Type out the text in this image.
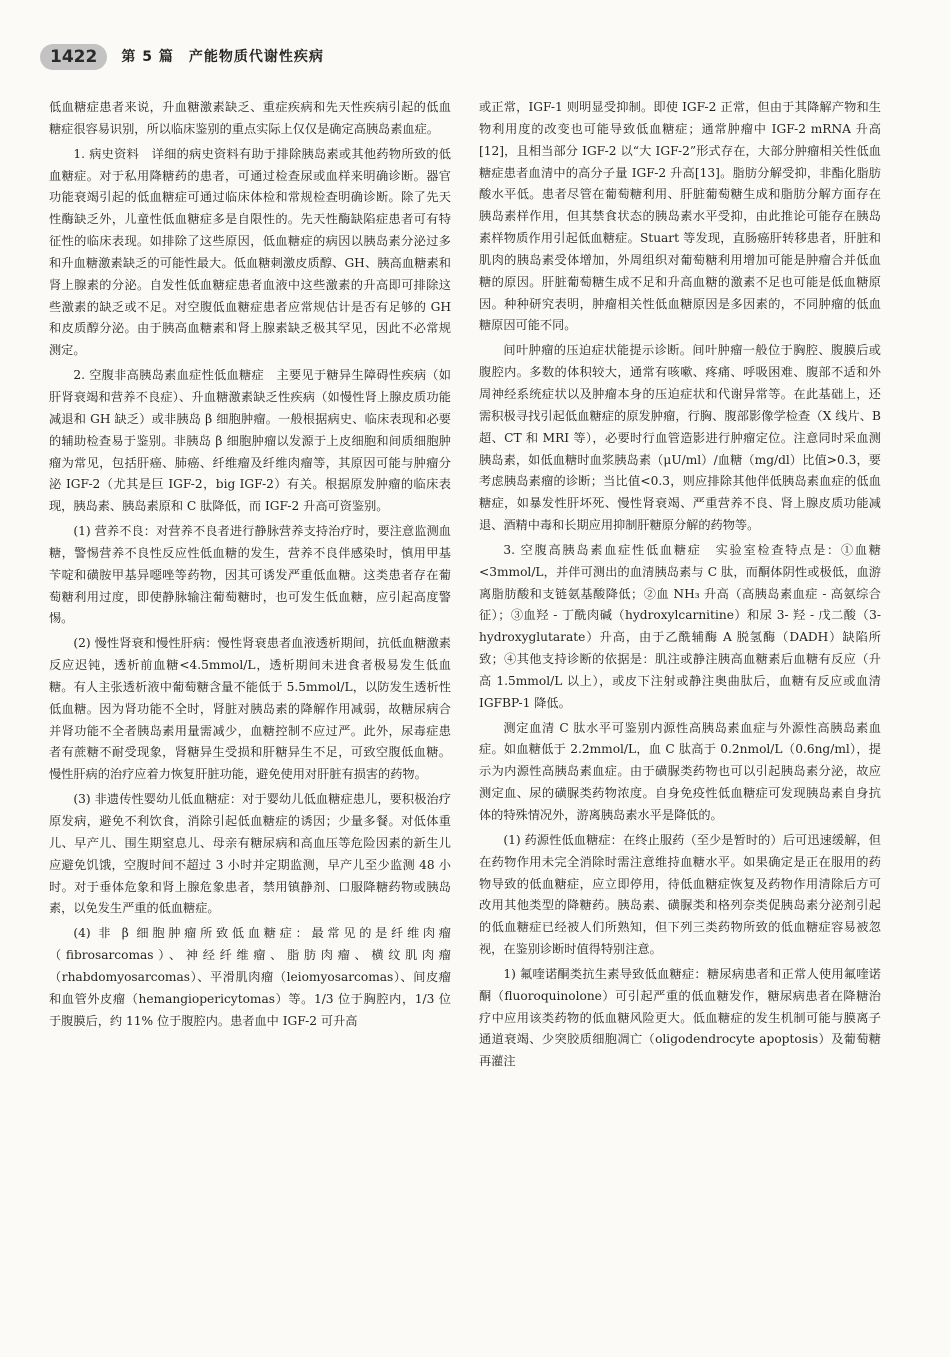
1422	第 5 篇　产能物质代谢性疾病

低血糖症患者来说，升血糖激素缺乏、重症疾病和先天性疾病引起的低血糖症很容易识别，所以临床鉴别的重点实际上仅仅是确定高胰岛素血症。

1. 病史资料　详细的病史资料有助于排除胰岛素或其他药物所致的低血糖症。对于私用降糖药的患者，可通过检查尿或血样来明确诊断。器官功能衰竭引起的低血糖症可通过临床体检和常规检查明确诊断。除了先天性酶缺乏外，儿童性低血糖症多是自限性的。先天性酶缺陷症患者可有特征性的临床表现。如排除了这些原因，低血糖症的病因以胰岛素分泌过多和升血糖激素缺乏的可能性最大。低血糖刺激皮质醇、GH、胰高血糖素和肾上腺素的分泌。自发性低血糖症患者血液中这些激素的升高即可排除这些激素的缺乏或不足。对空腹低血糖症患者应常规估计是否有足够的 GH 和皮质醇分泌。由于胰高血糖素和肾上腺素缺乏极其罕见，因此不必常规测定。

2. 空腹非高胰岛素血症性低血糖症　主要见于糖异生障碍性疾病（如肝肾衰竭和营养不良症）、升血糖激素缺乏性疾病（如慢性肾上腺皮质功能减退和 GH 缺乏）或非胰岛 β 细胞肿瘤。一般根据病史、临床表现和必要的辅助检查易于鉴别。非胰岛 β 细胞肿瘤以发源于上皮细胞和间质细胞肿瘤为常见，包括肝癌、肺癌、纤维瘤及纤维肉瘤等，其原因可能与肿瘤分泌 IGF-2（尤其是巨 IGF-2，big IGF-2）有关。根据原发肿瘤的临床表现，胰岛素、胰岛素原和 C 肽降低，而 IGF-2 升高可资鉴别。

(1) 营养不良：对营养不良者进行静脉营养支持治疗时，要注意监测血糖，警惕营养不良性反应性低血糖的发生，营养不良伴感染时，慎用甲基苄啶和磺胺甲基异噁唑等药物，因其可诱发严重低血糖。这类患者存在葡萄糖利用过度，即使静脉输注葡萄糖时，也可发生低血糖，应引起高度警惕。

(2) 慢性肾衰和慢性肝病：慢性肾衰患者血液透析期间，抗低血糖激素反应迟钝，透析前血糖<4.5mmol/L，透析期间未进食者极易发生低血糖。有人主张透析液中葡萄糖含量不能低于 5.5mmol/L，以防发生透析性低血糖。因为肾功能不全时，肾脏对胰岛素的降解作用减弱，故糖尿病合并肾功能不全者胰岛素用量需减少，血糖控制不应过严。此外，尿毒症患者有蔗糖不耐受现象，肾糖异生受损和肝糖异生不足，可致空腹低血糖。慢性肝病的治疗应着力恢复肝脏功能，避免使用对肝脏有损害的药物。

(3) 非遗传性婴幼儿低血糖症：对于婴幼儿低血糖症患儿，要积极治疗原发病，避免不利饮食，消除引起低血糖症的诱因；少量多餐。对低体重儿、早产儿、围生期窒息儿、母亲有糖尿病和高血压等危险因素的新生儿应避免饥饿，空腹时间不超过 3 小时并定期监测，早产儿至少监测 48 小时。对于垂体危象和肾上腺危象患者，禁用镇静剂、口服降糖药物或胰岛素，以免发生严重的低血糖症。

(4) 非 β 细胞肿瘤所致低血糖症：最常见的是纤维肉瘤（fibrosarcomas）、神经纤维瘤、脂肪肉瘤、横纹肌肉瘤（rhabdomyosarcomas）、平滑肌肉瘤（leiomyosarcomas）、间皮瘤和血管外皮瘤（hemangiopericytomas）等。1/3 位于胸腔内，1/3 位于腹膜后，约 11% 位于腹腔内。患者血中 IGF-2 可升高

或正常，IGF-1 则明显受抑制。即使 IGF-2 正常，但由于其降解产物和生物利用度的改变也可能导致低血糖症；通常肿瘤中 IGF-2 mRNA 升高[12]，且相当部分 IGF-2 以“大 IGF-2”形式存在，大部分肿瘤相关性低血糖症患者血清中的高分子量 IGF-2 升高[13]。脂肪分解受抑，非酯化脂肪酸水平低。患者尽管在葡萄糖利用、肝脏葡萄糖生成和脂肪分解方面存在胰岛素样作用，但其禁食状态的胰岛素水平受抑，由此推论可能存在胰岛素样物质作用引起低血糖症。Stuart 等发现，直肠癌肝转移患者，肝脏和肌肉的胰岛素受体增加，外周组织对葡萄糖利用增加可能是肿瘤合并低血糖的原因。肝脏葡萄糖生成不足和升高血糖的激素不足也可能是低血糖原因。种种研究表明，肿瘤相关性低血糖原因是多因素的，不同肿瘤的低血糖原因可能不同。

间叶肿瘤的压迫症状能提示诊断。间叶肿瘤一般位于胸腔、腹膜后或腹腔内。多数的体积较大，通常有咳嗽、疼痛、呼吸困难、腹部不适和外周神经系统症状以及肿瘤本身的压迫症状和代谢异常等。在此基础上，还需积极寻找引起低血糖症的原发肿瘤，行胸、腹部影像学检查（X 线片、B 超、CT 和 MRI 等），必要时行血管造影进行肿瘤定位。注意同时采血测胰岛素，如低血糖时血浆胰岛素（μU/ml）/血糖（mg/dl）比值>0.3，要考虑胰岛素瘤的诊断；当比值<0.3，则应排除其他伴低胰岛素血症的低血糖症，如暴发性肝坏死、慢性肾衰竭、严重营养不良、肾上腺皮质功能减退、酒精中毒和长期应用抑制肝糖原分解的药物等。

3. 空腹高胰岛素血症性低血糖症　实验室检查特点是：①血糖<3mmol/L，并伴可测出的血清胰岛素与 C 肽，而酮体阴性或极低，血游离脂肪酸和支链氨基酸降低；②血 NH₃ 升高（高胰岛素血症 - 高氨综合征）；③血羟 - 丁酰肉碱（hydroxylcarnitine）和尿 3- 羟 - 戊二酸（3-hydroxyglutarate）升高，由于乙酰辅酶 A 脱氢酶（DADH）缺陷所致；④其他支持诊断的依据是：肌注或静注胰高血糖素后血糖有反应（升高 1.5mmol/L 以上），或皮下注射或静注奥曲肽后，血糖有反应或血清 IGFBP-1 降低。

测定血清 C 肽水平可鉴别内源性高胰岛素血症与外源性高胰岛素血症。如血糖低于 2.2mmol/L，血 C 肽高于 0.2nmol/L（0.6ng/ml），提示为内源性高胰岛素血症。由于磺脲类药物也可以引起胰岛素分泌，故应测定血、尿的磺脲类药物浓度。自身免疫性低血糖症可发现胰岛素自身抗体的特殊情况外，游离胰岛素水平是降低的。

(1) 药源性低血糖症：在终止服药（至少是暂时的）后可迅速缓解，但在药物作用未完全消除时需注意维持血糖水平。如果确定是正在服用的药物导致的低血糖症，应立即停用，待低血糖症恢复及药物作用清除后方可改用其他类型的降糖药。胰岛素、磺脲类和格列奈类促胰岛素分泌剂引起的低血糖症已经被人们所熟知，但下列三类药物所致的低血糖症容易被忽视，在鉴别诊断时值得特别注意。

1) 氟喹诺酮类抗生素导致低血糖症：糖尿病患者和正常人使用氟喹诺酮（fluoroquinolone）可引起严重的低血糖发作，糖尿病患者在降糖治疗中应用该类药物的低血糖风险更大。低血糖症的发生机制可能与膜离子通道衰竭、少突胶质细胞凋亡（oligodendrocyte apoptosis）及葡萄糖再灌注
